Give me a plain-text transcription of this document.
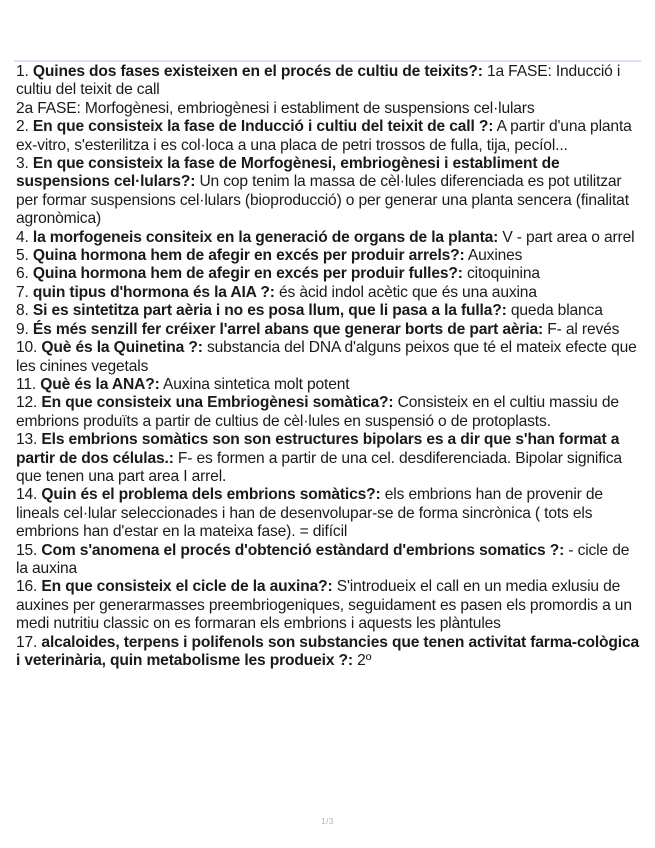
1. Quines dos fases existeixen en el procés de cultiu de teixits?: 1a FASE: Inducció i cultiu del teixit de call
2a FASE: Morfogènesi, embriogènesi i establiment de suspensions cel·lulars

2. En que consisteix la fase de Inducció i cultiu del teixit de call ?: A partir d'una planta ex-vitro, s'esterilitza i es col·loca a una placa de petri trossos de fulla, tija, pecíol...

3. En que consisteix la fase de Morfogènesi, embriogènesi i establiment de suspensions cel·lulars?: Un cop tenim la massa de cèl·lules diferenciada es pot utilitzar per formar suspensions cel·lulars (bioproducció) o per generar una planta sencera (finalitat agronòmica)

4. la morfogeneis consiteix en la generació de organs de la planta: V - part area o arrel

5. Quina hormona hem de afegir en excés per produir arrels?: Auxines

6. Quina hormona hem de afegir en excés per produir fulles?: citoquinina

7. quin tipus d'hormona és la AIA ?: és àcid indol acètic que és una auxina

8. Si es sintetitza part aèria i no es posa llum, que li pasa a la fulla?: queda blanca

9. És més senzill fer créixer l'arrel abans que generar borts de part aèria: F- al revés

10. Què és la Quinetina ?: substancia del DNA d'alguns peixos que té el mateix efecte que les cinines vegetals

11. Què és la ANA?: Auxina sintetica molt potent

12. En que consisteix una Embriogènesi somàtica?: Consisteix en el cultiu massiu de embrions produïts a partir de cultius de cèl·lules en suspensió o de protoplasts.

13. Els embrions somàtics son son estructures bipolars es a dir que s'han format a partir de dos células.: F- es formen a partir de una cel. desdiferenciada. Bipolar significa que tenen una part area I arrel.

14. Quin és el problema dels embrions somàtics?: els embrions han de provenir de lineals cel·lular seleccionades i han de desenvolupar-se de forma sincrònica ( tots els embrions han d'estar en la mateixa fase). = difícil

15. Com s'anomena el procés d'obtenció estàndard d'embrions somatics ?: - cicle de la auxina

16. En que consisteix el cicle de la auxina?: S'introdueix el call en un media exlusiu de auxines per generarmasses preembriogeniques, seguidament es pasen els promordis a un medi nutritiu classic on es formaran els embrions i aquests les plàntules

17. alcaloides, terpens i polifenols son substancies que tenen activitat farma-cològica i veterinària, quin metabolisme les produeix ?: 2º

1/3
